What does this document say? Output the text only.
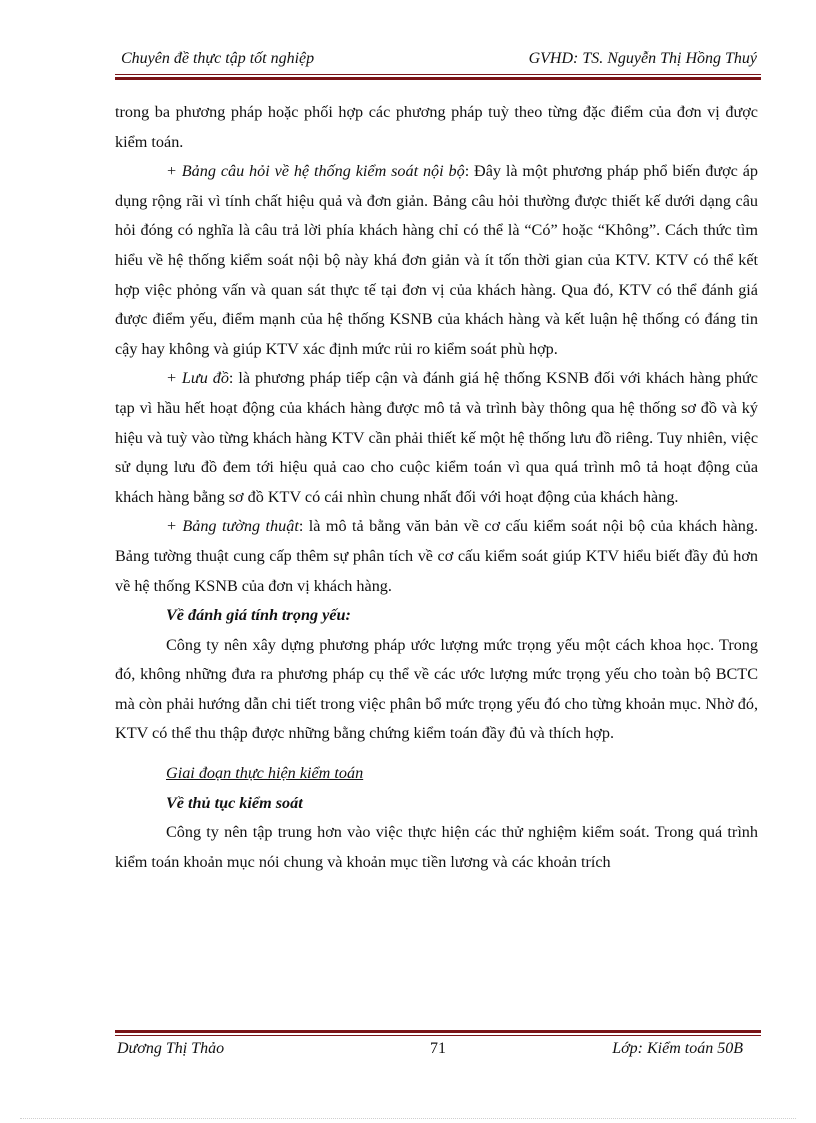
Chuyên đề thực tập tốt nghiệp	GVHD: TS. Nguyễn Thị Hồng Thuý

trong ba phương pháp hoặc phối hợp các phương pháp tuỳ theo từng đặc điểm của đơn vị được kiểm toán.

+ Bảng câu hỏi về hệ thống kiểm soát nội bộ: Đây là một phương pháp phổ biến được áp dụng rộng rãi vì tính chất hiệu quả và đơn giản. Bảng câu hỏi thường được thiết kế dưới dạng câu hỏi đóng có nghĩa là câu trả lời phía khách hàng chỉ có thể là “Có” hoặc “Không”. Cách thức tìm hiểu về hệ thống kiểm soát nội bộ này khá đơn giản và ít tốn thời gian của KTV. KTV có thể kết hợp việc phỏng vấn và quan sát thực tế tại đơn vị của khách hàng. Qua đó, KTV có thể đánh giá được điểm yếu, điểm mạnh của hệ thống KSNB của khách hàng và kết luận hệ thống có đáng tin cậy hay không và giúp KTV xác định mức rủi ro kiểm soát phù hợp.

+ Lưu đồ: là phương pháp tiếp cận và đánh giá hệ thống KSNB đối với khách hàng phức tạp vì hầu hết hoạt động của khách hàng được mô tả và trình bày thông qua hệ thống sơ đồ và ký hiệu và tuỳ vào từng khách hàng KTV cần phải thiết kế một hệ thống lưu đồ riêng. Tuy nhiên, việc sử dụng lưu đồ đem tới hiệu quả cao cho cuộc kiểm toán vì qua quá trình mô tả hoạt động của khách hàng bằng sơ đồ KTV có cái nhìn chung nhất đối với hoạt động của khách hàng.

+ Bảng tường thuật: là mô tả bằng văn bản về cơ cấu kiểm soát nội bộ của khách hàng. Bảng tường thuật cung cấp thêm sự phân tích về cơ cấu kiểm soát giúp KTV hiểu biết đầy đủ hơn về hệ thống KSNB của đơn vị khách hàng.

Về đánh giá tính trọng yếu:

Công ty nên xây dựng phương pháp ước lượng mức trọng yếu một cách khoa học. Trong đó, không những đưa ra phương pháp cụ thể về các ước lượng mức trọng yếu cho toàn bộ BCTC mà còn phải hướng dẫn chi tiết trong việc phân bổ mức trọng yếu đó cho từng khoản mục. Nhờ đó, KTV có thể thu thập được những bằng chứng kiểm toán đầy đủ và thích hợp.

Giai đoạn thực hiện kiểm toán

Về thủ tục kiểm soát

Công ty nên tập trung hơn vào việc thực hiện các thử nghiệm kiểm soát. Trong quá trình kiểm toán khoản mục nói chung và khoản mục tiền lương và các khoản trích

Dương Thị Thảo	71	Lớp: Kiểm toán 50B
